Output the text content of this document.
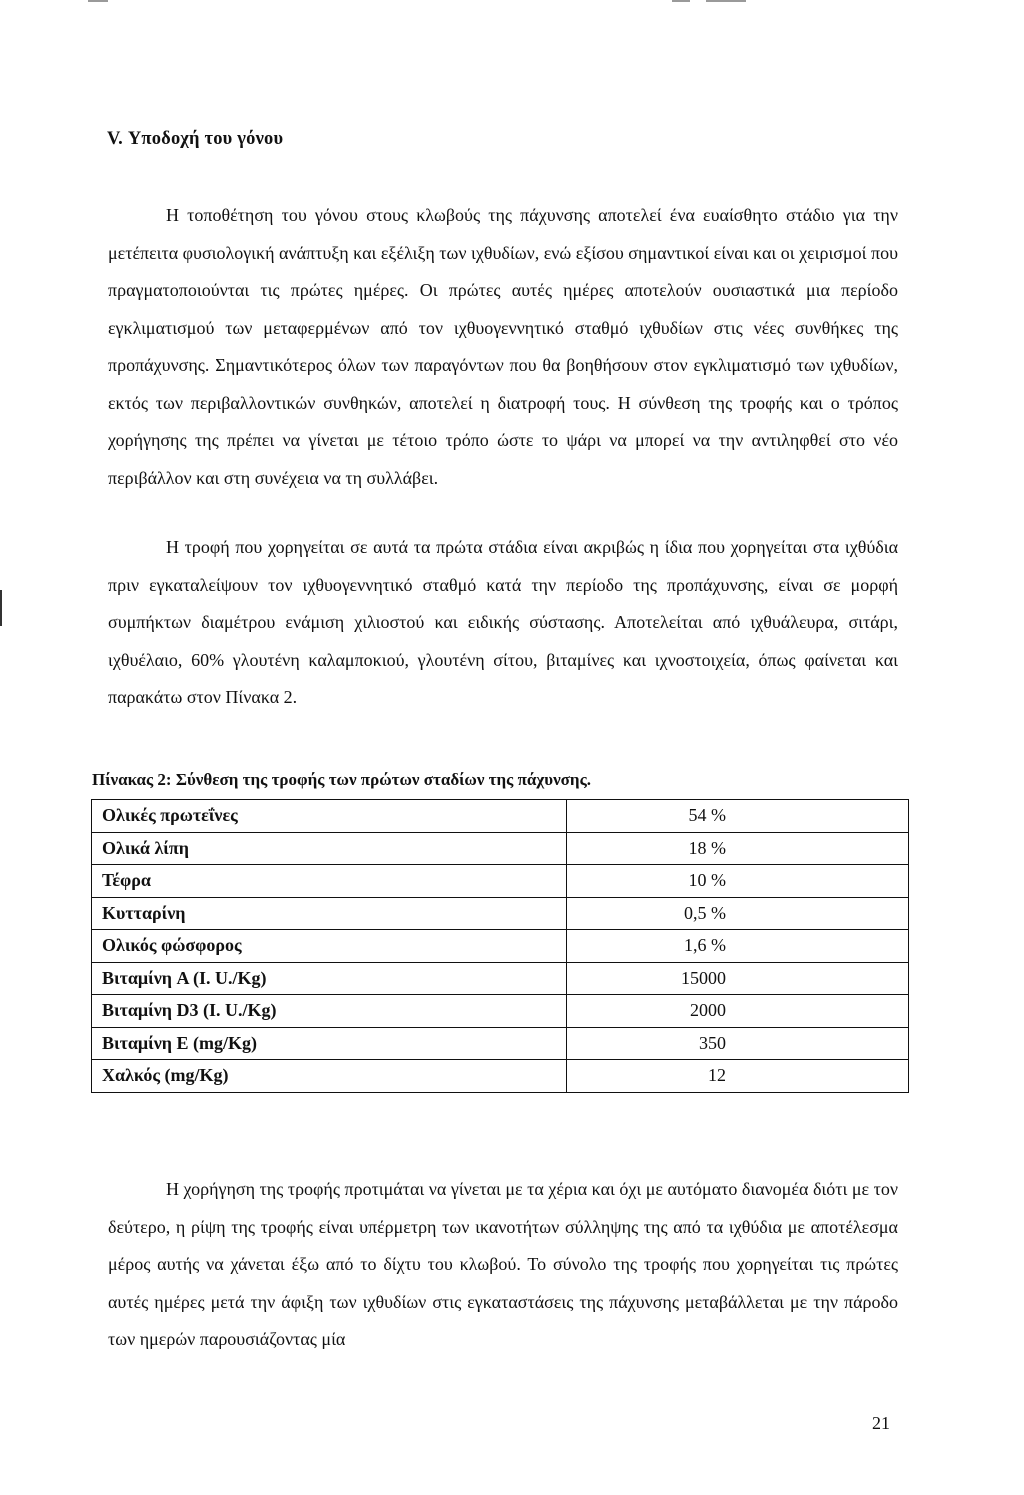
V. Υποδοχή του γόνου

Η τοποθέτηση του γόνου στους κλωβούς της πάχυνσης αποτελεί ένα ευαίσθητο στάδιο για την μετέπειτα φυσιολογική ανάπτυξη και εξέλιξη των ιχθυδίων, ενώ εξίσου σημαντικοί είναι και οι χειρισμοί που πραγματοποιούνται τις πρώτες ημέρες. Οι πρώτες αυτές ημέρες αποτελούν ουσιαστικά μια περίοδο εγκλιματισμού των μεταφερμένων από τον ιχθυογεννητικό σταθμό ιχθυδίων στις νέες συνθήκες της προπάχυνσης. Σημαντικότερος όλων των παραγόντων που θα βοηθήσουν στον εγκλιματισμό των ιχθυδίων, εκτός των περιβαλλοντικών συνθηκών, αποτελεί η διατροφή τους. Η σύνθεση της τροφής και ο τρόπος χορήγησης της πρέπει να γίνεται με τέτοιο τρόπο ώστε το ψάρι να μπορεί να την αντιληφθεί στο νέο περιβάλλον και στη συνέχεια να τη συλλάβει.

Η τροφή που χορηγείται σε αυτά τα πρώτα στάδια είναι ακριβώς η ίδια που χορηγείται στα ιχθύδια πριν εγκαταλείψουν τον ιχθυογεννητικό σταθμό κατά την περίοδο της προπάχυνσης, είναι σε μορφή συμπήκτων διαμέτρου ενάμιση χιλιοστού και ειδικής σύστασης. Αποτελείται από ιχθυάλευρα, σιτάρι, ιχθυέλαιο, 60% γλουτένη καλαμποκιού, γλουτένη σίτου, βιταμίνες και ιχνοστοιχεία, όπως φαίνεται και παρακάτω στον Πίνακα 2.

Πίνακας 2: Σύνθεση της τροφής των πρώτων σταδίων της πάχυνσης.
Ολικές πρωτεΐνες	54 %
Ολικά λίπη	18 %
Τέφρα	10 %
Κυτταρίνη	0,5 %
Ολικός φώσφορος	1,6 %
Βιταμίνη A (I. U./Kg)	15000
Βιταμίνη D3 (I. U./Kg)	2000
Βιταμίνη E (mg/Kg)	350
Χαλκός (mg/Kg)	12

Η χορήγηση της τροφής προτιμάται να γίνεται με τα χέρια και όχι με αυτόματο διανομέα διότι με τον δεύτερο, η ρίψη της τροφής είναι υπέρμετρη των ικανοτήτων σύλληψης της από τα ιχθύδια με αποτέλεσμα μέρος αυτής να χάνεται έξω από το δίχτυ του κλωβού. Το σύνολο της τροφής που χορηγείται τις πρώτες αυτές ημέρες μετά την άφιξη των ιχθυδίων στις εγκαταστάσεις της πάχυνσης μεταβάλλεται με την πάροδο των ημερών παρουσιάζοντας μία

21
